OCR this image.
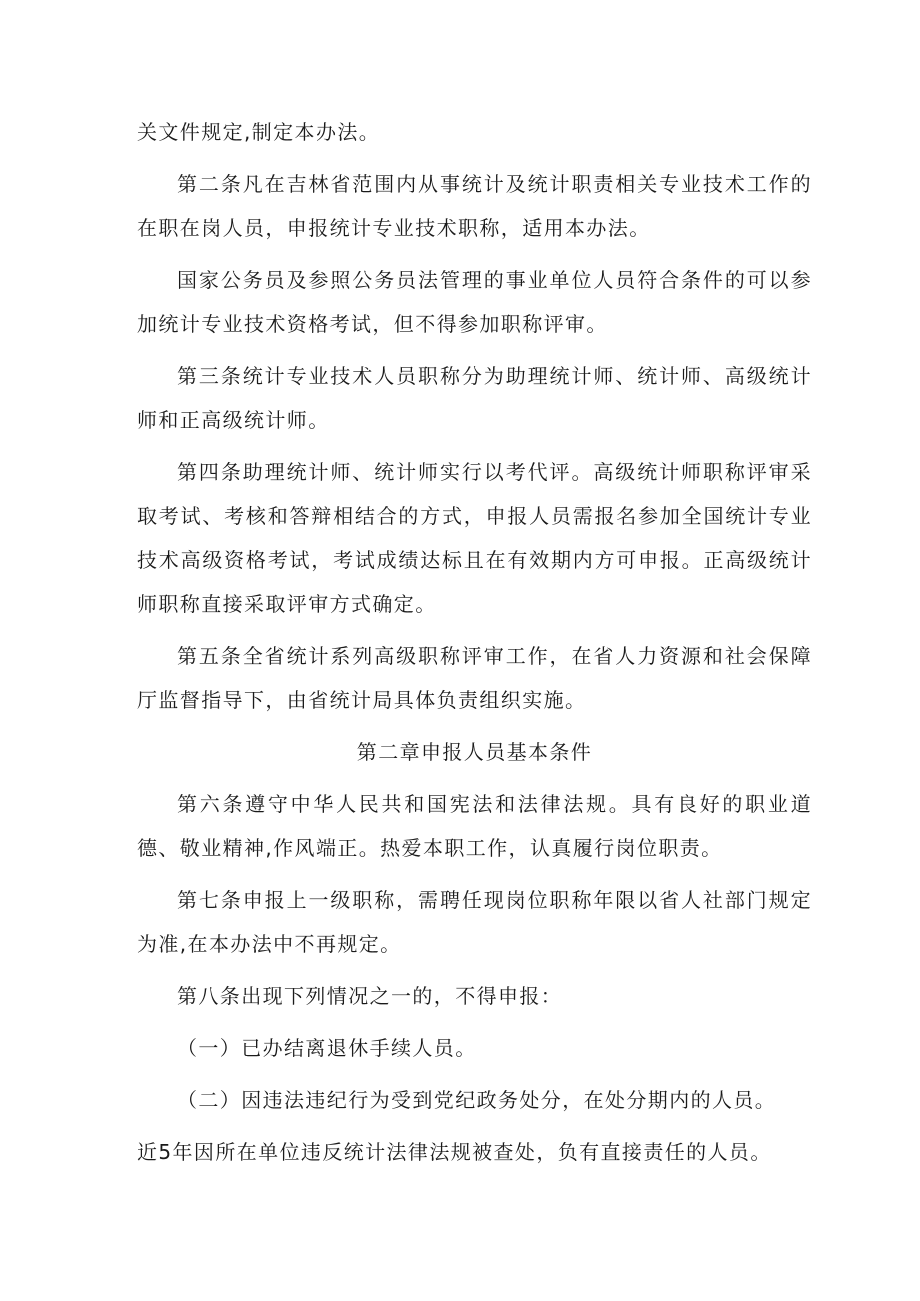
关文件规定,制定本办法。

第二条凡在吉林省范围内从事统计及统计职责相关专业技术工作的在职在岗人员，申报统计专业技术职称，适用本办法。

国家公务员及参照公务员法管理的事业单位人员符合条件的可以参加统计专业技术资格考试，但不得参加职称评审。

第三条统计专业技术人员职称分为助理统计师、统计师、高级统计师和正高级统计师。

第四条助理统计师、统计师实行以考代评。高级统计师职称评审采取考试、考核和答辩相结合的方式，申报人员需报名参加全国统计专业技术高级资格考试，考试成绩达标且在有效期内方可申报。正高级统计师职称直接采取评审方式确定。

第五条全省统计系列高级职称评审工作，在省人力资源和社会保障厅监督指导下，由省统计局具体负责组织实施。

第二章申报人员基本条件

第六条遵守中华人民共和国宪法和法律法规。具有良好的职业道德、敬业精神,作风端正。热爱本职工作，认真履行岗位职责。

第七条申报上一级职称，需聘任现岗位职称年限以省人社部门规定为准,在本办法中不再规定。

第八条出现下列情况之一的，不得申报：

（一）已办结离退休手续人员。

（二）因违法违纪行为受到党纪政务处分，在处分期内的人员。

近5年因所在单位违反统计法律法规被查处，负有直接责任的人员。
